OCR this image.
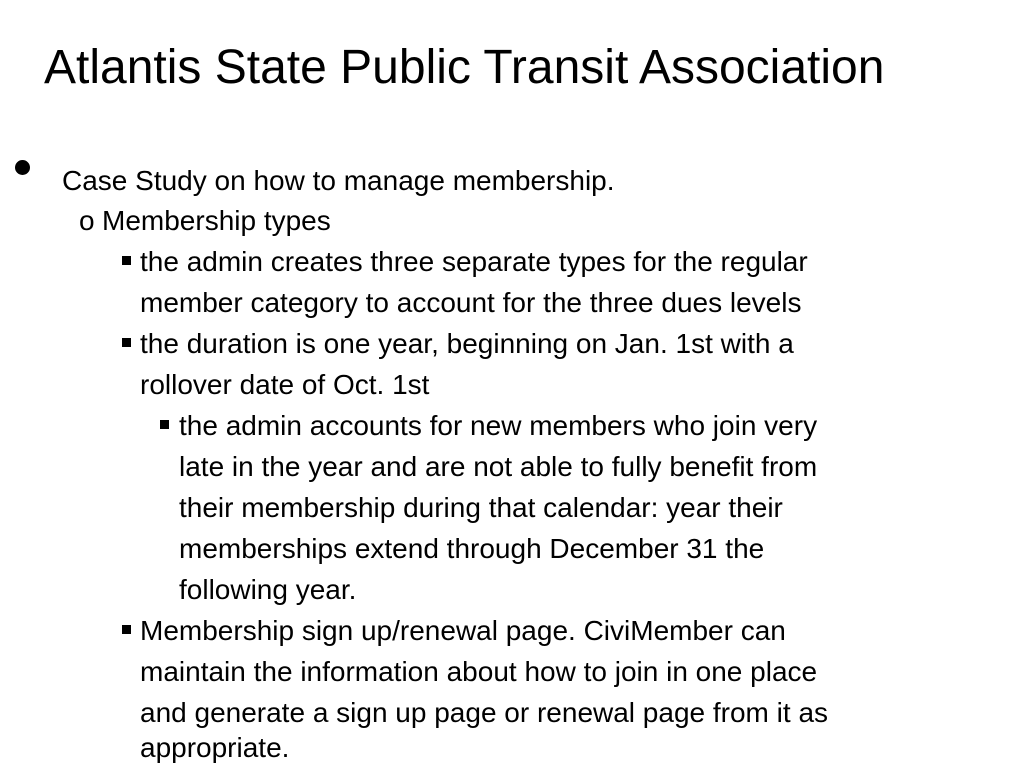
Atlantis State Public Transit Association
Case Study on how to manage membership.
o Membership types
the admin creates three separate types for the regular
member category to account for the three dues levels
the duration is one year, beginning on Jan. 1st with a
rollover date of Oct. 1st
the admin accounts for new members who join very
late in the year and are not able to fully benefit from
their membership during that calendar: year their
memberships extend through December 31 the
following year.
Membership sign up/renewal page. CiviMember can
maintain the information about how to join in one place
and generate a sign up page or renewal page from it as
appropriate.
